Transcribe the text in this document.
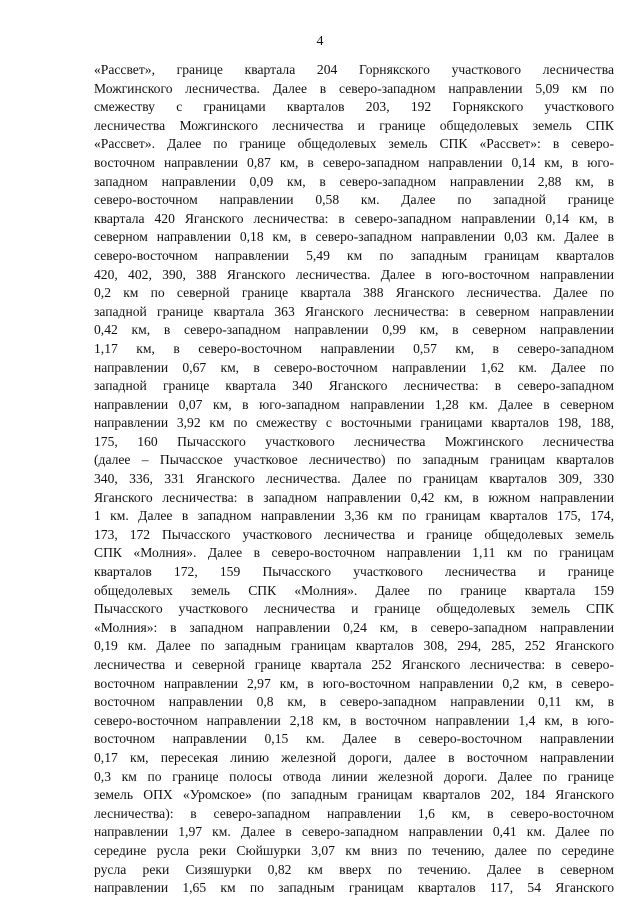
4
«Рассвет», границе квартала 204 Горнякского участкового лесничества
Можгинского лесничества. Далее в северо-западном направлении 5,09 км по
смежеству с границами кварталов 203, 192 Горнякского участкового
лесничества Можгинского лесничества и границе общедолевых земель СПК
«Рассвет». Далее по границе общедолевых земель СПК «Рассвет»: в северо-
восточном направлении 0,87 км, в северо-западном направлении 0,14 км, в юго-
западном направлении 0,09 км, в северо-западном направлении 2,88 км, в
северо-восточном направлении 0,58 км. Далее по западной границе
квартала 420 Яганского лесничества: в северо-западном направлении 0,14 км, в
северном направлении 0,18 км, в северо-западном направлении 0,03 км. Далее в
северо-восточном направлении 5,49 км по западным границам кварталов
420, 402, 390, 388 Яганского лесничества. Далее в юго-восточном направлении
0,2 км по северной границе квартала 388 Яганского лесничества. Далее по
западной границе квартала 363 Яганского лесничества: в северном направлении
0,42 км, в северо-западном направлении 0,99 км, в северном направлении
1,17 км, в северо-восточном направлении 0,57 км, в северо-западном
направлении 0,67 км, в северо-восточном направлении 1,62 км. Далее по
западной границе квартала 340 Яганского лесничества: в северо-западном
направлении 0,07 км, в юго-западном направлении 1,28 км. Далее в северном
направлении 3,92 км по смежеству с восточными границами кварталов 198, 188,
175, 160 Пычасского участкового лесничества Можгинского лесничества
(далее – Пычасское участковое лесничество) по западным границам кварталов
340, 336, 331 Яганского лесничества. Далее по границам кварталов 309, 330
Яганского лесничества: в западном направлении 0,42 км, в южном направлении
1 км. Далее в западном направлении 3,36 км по границам кварталов 175, 174,
173, 172 Пычасского участкового лесничества и границе общедолевых земель
СПК «Молния». Далее в северо-восточном направлении 1,11 км по границам
кварталов 172, 159 Пычасского участкового лесничества и границе
общедолевых земель СПК «Молния». Далее по границе квартала 159
Пычасского участкового лесничества и границе общедолевых земель СПК
«Молния»: в западном направлении 0,24 км, в северо-западном направлении
0,19 км. Далее по западным границам кварталов 308, 294, 285, 252 Яганского
лесничества и северной границе квартала 252 Яганского лесничества: в северо-
восточном направлении 2,97 км, в юго-восточном направлении 0,2 км, в северо-
восточном направлении 0,8 км, в северо-западном направлении 0,11 км, в
северо-восточном направлении 2,18 км, в восточном направлении 1,4 км, в юго-
восточном направлении 0,15 км. Далее в северо-восточном направлении
0,17 км, пересекая линию железной дороги, далее в восточном направлении
0,3 км по границе полосы отвода линии железной дороги. Далее по границе
земель ОПХ «Уромское» (по западным границам кварталов 202, 184 Яганского
лесничества): в северо-западном направлении 1,6 км, в северо-восточном
направлении 1,97 км. Далее в северо-западном направлении 0,41 км. Далее по
середине русла реки Сюйшурки 3,07 км вниз по течению, далее по середине
русла реки Сизяшурки 0,82 км вверх по течению. Далее в северном
направлении 1,65 км по западным границам кварталов 117, 54 Яганского
